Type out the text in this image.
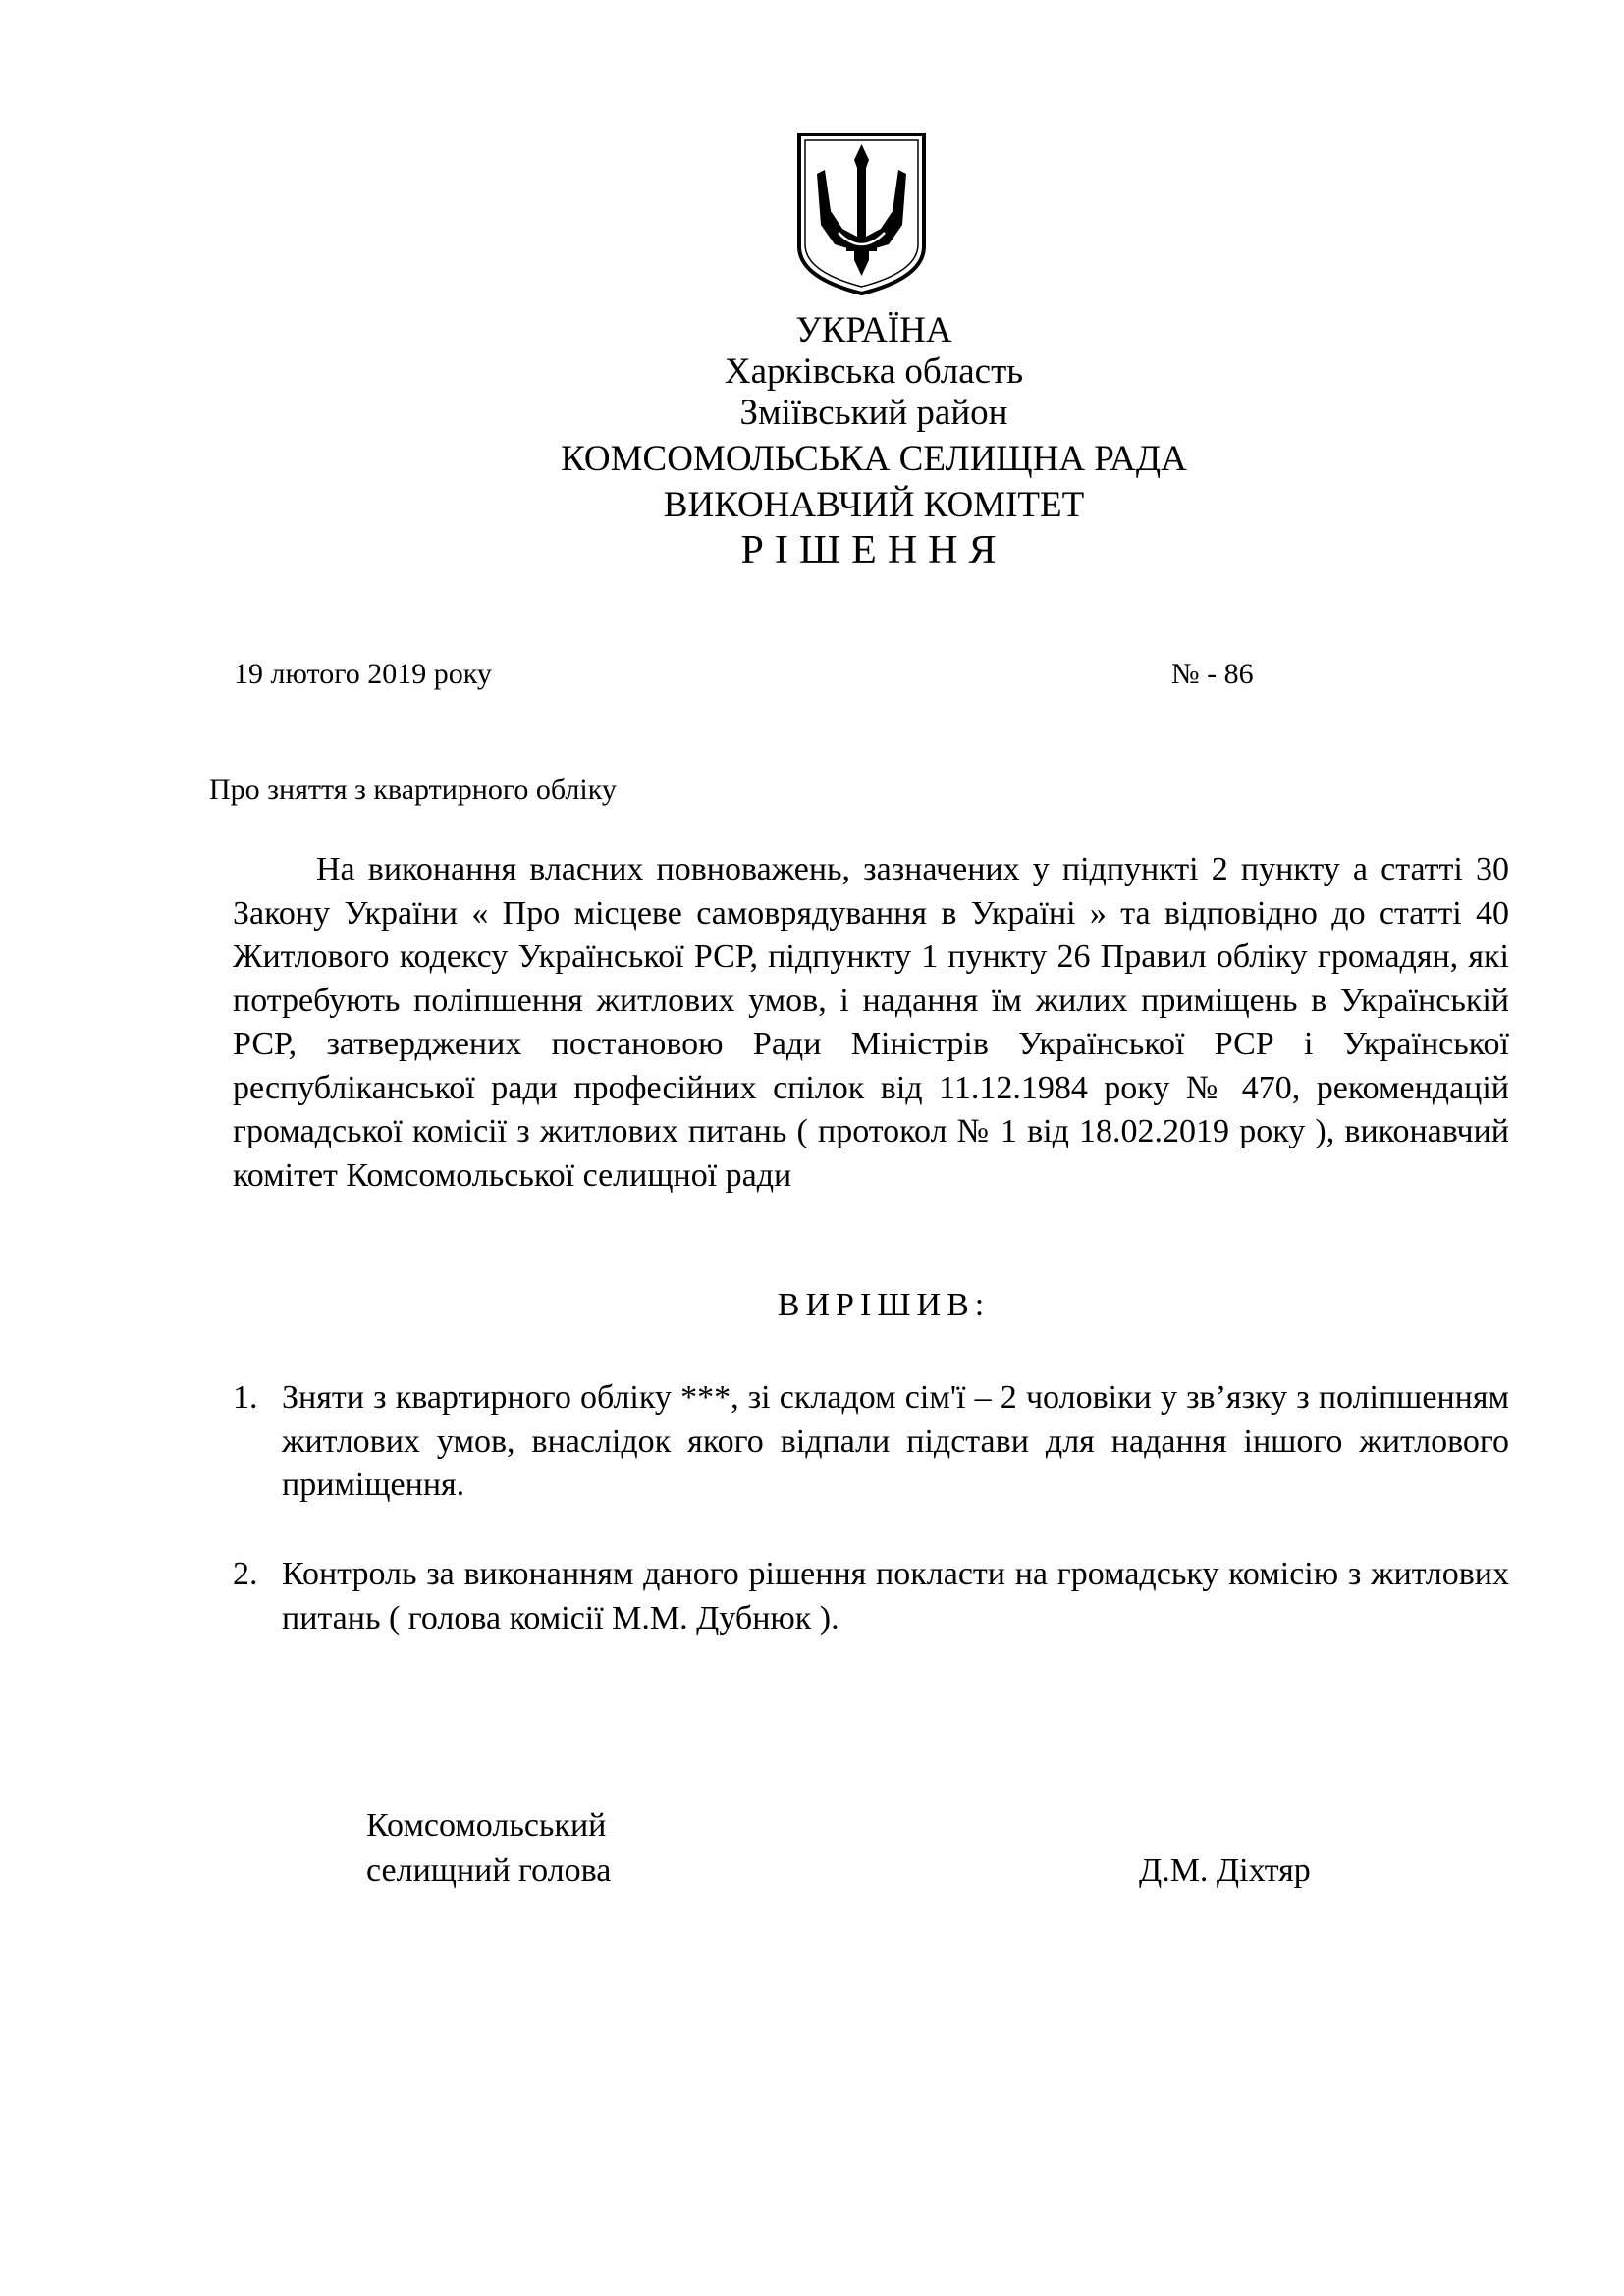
УКРАЇНА
Харківська область
Зміївський район
КОМСОМОЛЬСЬКА СЕЛИЩНА РАДА
ВИКОНАВЧИЙ КОМІТЕТ
РІШЕННЯ
19 лютого 2019 року	№ - 86
Про зняття з квартирного обліку

На виконання власних повноважень, зазначених у підпункті 2 пункту а статті 30 Закону України « Про місцеве самоврядування в Україні » та відповідно до статті 40 Житлового кодексу Української РСР, підпункту 1 пункту 26 Правил обліку громадян, які потребують поліпшення житлових умов, і надання їм жилих приміщень в Українській РСР, затверджених постановою Ради Міністрів Української РСР і Української республіканської ради професійних спілок від 11.12.1984 року № 470, рекомендацій громадської комісії з житлових питань ( протокол № 1 від 18.02.2019 року ), виконавчий комітет Комсомольської селищної ради

ВИРІШИВ:
1. Зняти з квартирного обліку ***, зі складом сім'ї – 2 чоловіки у зв’язку з поліпшенням житлових умов, внаслідок якого відпали підстави для надання іншого житлового приміщення.
2. Контроль за виконанням даного рішення покласти на громадську комісію з житлових питань ( голова комісії М.М. Дубнюк ).
Комсомольський
селищний голова	Д.М. Діхтяр
